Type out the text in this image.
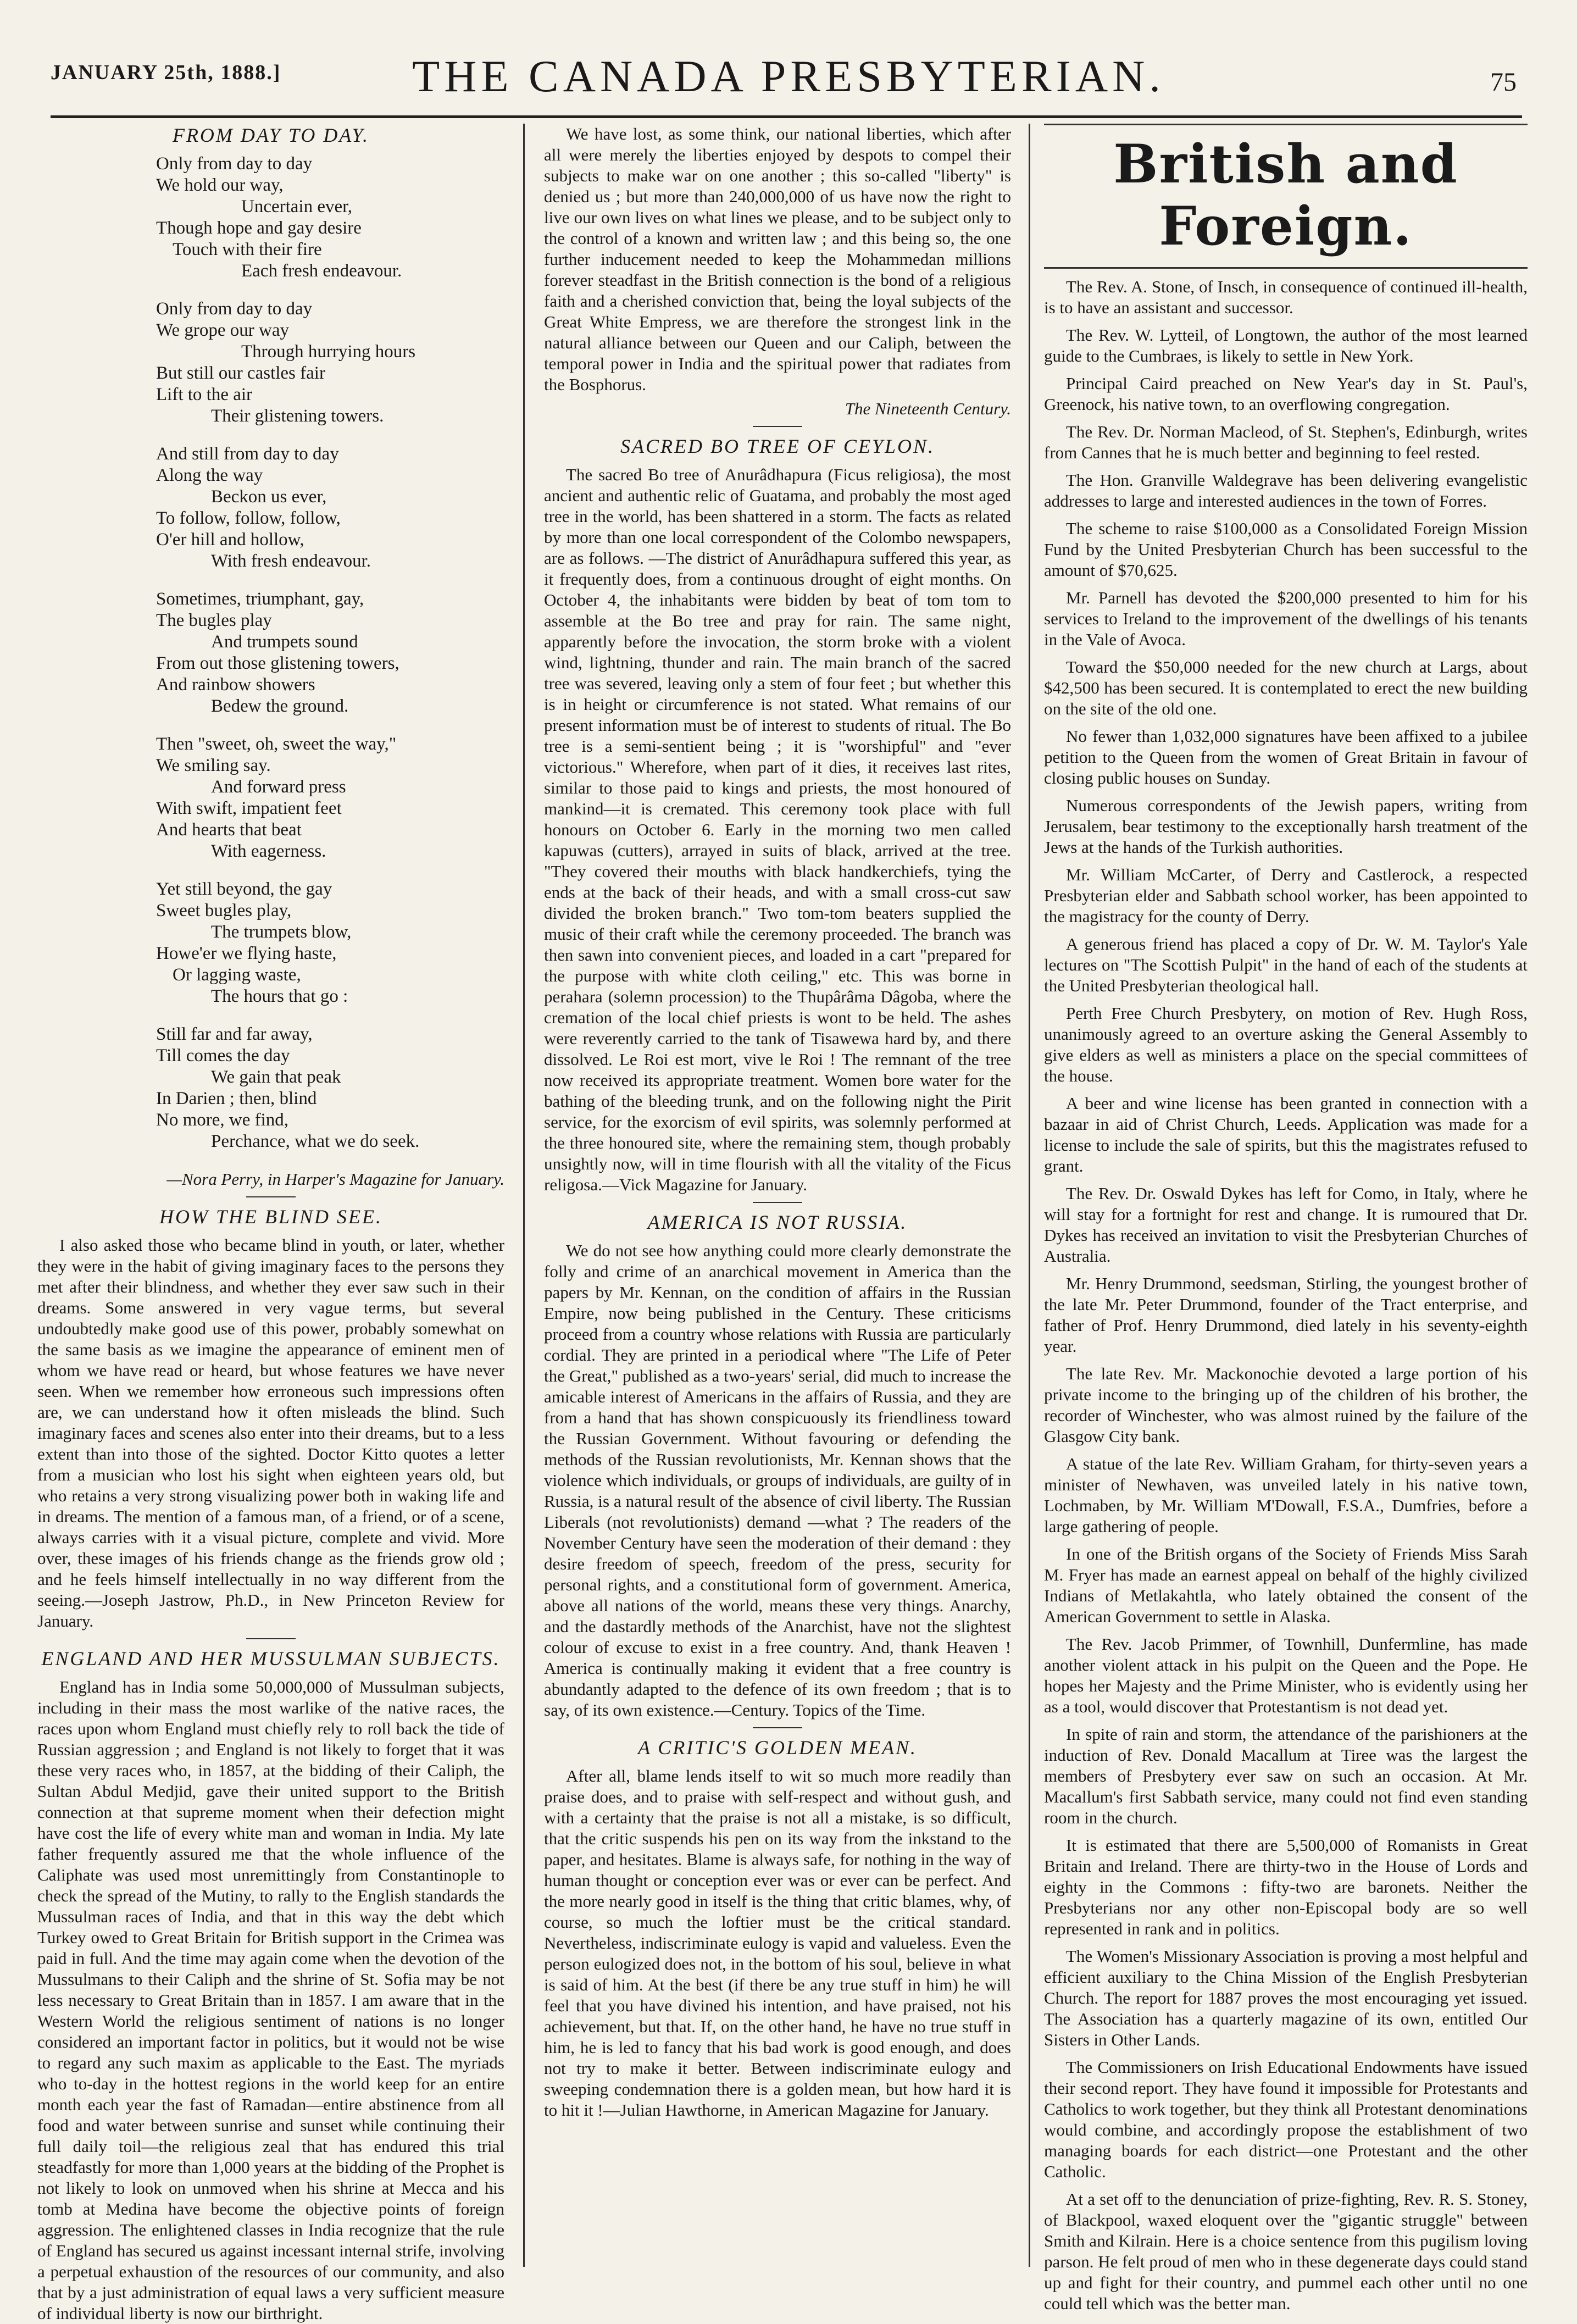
JANUARY 25th, 1888.]	THE CANADA PRESBYTERIAN.	75
FROM DAY TO DAY.
Only from day to day
We hold our way,
Uncertain ever,
Though hope and gay desire
Touch with their fire
Each fresh endeavour.
Only from day to day
We grope our way
Through hurrying hours
But still our castles fair
Lift to the air
Their glistening towers.
And still from day to day
Along the way
Beckon us ever,
To follow, follow, follow,
O'er hill and hollow,
With fresh endeavour.
Sometimes, triumphant, gay,
The bugles play
And trumpets sound
From out those glistening towers,
And rainbow showers
Bedew the ground.
Then "sweet, oh, sweet the way,"
We smiling say.
And forward press
With swift, impatient feet
And hearts that beat
With eagerness.
Yet still beyond, the gay
Sweet bugles play,
The trumpets blow,
Howe'er we flying haste,
Or lagging waste,
The hours that go :
Still far and far away,
Till comes the day
We gain that peak
In Darien ; then, blind
No more, we find,
Perchance, what we do seek.
—Nora Perry, in Harper's Magazine for January.
HOW THE BLIND SEE.

I also asked those who became blind in youth, or later, whether they were in the habit of giving imaginary faces to the persons they met after their blindness, and whether they ever saw such in their dreams. Some answered in very vague terms, but several undoubtedly make good use of this power, probably somewhat on the same basis as we imagine the appearance of eminent men of whom we have read or heard, but whose features we have never seen. When we remember how erroneous such impressions often are, we can understand how it often misleads the blind. Such imaginary faces and scenes also enter into their dreams, but to a less extent than into those of the sighted. Doctor Kitto quotes a letter from a musician who lost his sight when eighteen years old, but who retains a very strong visualizing power both in waking life and in dreams. The mention of a famous man, of a friend, or of a scene, always carries with it a visual picture, complete and vivid. More over, these images of his friends change as the friends grow old ; and he feels himself intellectually in no way different from the seeing.—Joseph Jastrow, Ph.D., in New Princeton Review for January.

ENGLAND AND HER MUSSULMAN SUBJECTS.

England has in India some 50,000,000 of Mussulman subjects, including in their mass the most warlike of the native races, the races upon whom England must chiefly rely to roll back the tide of Russian aggression ; and England is not likely to forget that it was these very races who, in 1857, at the bidding of their Caliph, the Sultan Abdul Medjid, gave their united support to the British connection at that supreme moment when their defection might have cost the life of every white man and woman in India. My late father frequently assured me that the whole influence of the Caliphate was used most unremittingly from Constantinople to check the spread of the Mutiny, to rally to the English standards the Mussulman races of India, and that in this way the debt which Turkey owed to Great Britain for British support in the Crimea was paid in full. And the time may again come when the devotion of the Mussulmans to their Caliph and the shrine of St. Sofia may be not less necessary to Great Britain than in 1857. I am aware that in the Western World the religious sentiment of nations is no longer considered an important factor in politics, but it would not be wise to regard any such maxim as applicable to the East. The myriads who to-day in the hottest regions in the world keep for an entire month each year the fast of Ramadan—entire abstinence from all food and water between sunrise and sunset while continuing their full daily toil—the religious zeal that has endured this trial steadfastly for more than 1,000 years at the bidding of the Prophet is not likely to look on unmoved when his shrine at Mecca and his tomb at Medina have become the objective points of foreign aggression. The enlightened classes in India recognize that the rule of England has secured us against incessant internal strife, involving a perpetual exhaustion of the resources of our community, and also that by a just administration of equal laws a very sufficient measure of individual liberty is now our birthright.

We have lost, as some think, our national liberties, which after all were merely the liberties enjoyed by despots to compel their subjects to make war on one another ; this so-called "liberty" is denied us ; but more than 240,000,000 of us have now the right to live our own lives on what lines we please, and to be subject only to the control of a known and written law ; and this being so, the one further inducement needed to keep the Mohammedan millions forever steadfast in the British connection is the bond of a religious faith and a cherished conviction that, being the loyal subjects of the Great White Empress, we are therefore the strongest link in the natural alliance between our Queen and our Caliph, between the temporal power in India and the spiritual power that radiates from the Bosphorus.

The Nineteenth Century.
SACRED BO TREE OF CEYLON.

The sacred Bo tree of Anurâdhapura (Ficus religiosa), the most ancient and authentic relic of Guatama, and probably the most aged tree in the world, has been shattered in a storm. The facts as related by more than one local correspondent of the Colombo newspapers, are as follows. —The district of Anurâdhapura suffered this year, as it frequently does, from a continuous drought of eight months. On October 4, the inhabitants were bidden by beat of tom tom to assemble at the Bo tree and pray for rain. The same night, apparently before the invocation, the storm broke with a violent wind, lightning, thunder and rain. The main branch of the sacred tree was severed, leaving only a stem of four feet ; but whether this is in height or circumference is not stated. What remains of our present information must be of interest to students of ritual. The Bo tree is a semi-sentient being ; it is "worshipful" and "ever victorious." Wherefore, when part of it dies, it receives last rites, similar to those paid to kings and priests, the most honoured of mankind—it is cremated. This ceremony took place with full honours on October 6. Early in the morning two men called kapuwas (cutters), arrayed in suits of black, arrived at the tree. "They covered their mouths with black handkerchiefs, tying the ends at the back of their heads, and with a small cross-cut saw divided the broken branch." Two tom-tom beaters supplied the music of their craft while the ceremony proceeded. The branch was then sawn into convenient pieces, and loaded in a cart "prepared for the purpose with white cloth ceiling," etc. This was borne in perahara (solemn procession) to the Thupârâma Dâgoba, where the cremation of the local chief priests is wont to be held. The ashes were reverently carried to the tank of Tisawewa hard by, and there dissolved. Le Roi est mort, vive le Roi ! The remnant of the tree now received its appropriate treatment. Women bore water for the bathing of the bleeding trunk, and on the following night the Pirit service, for the exorcism of evil spirits, was solemnly performed at the three honoured site, where the remaining stem, though probably unsightly now, will in time flourish with all the vitality of the Ficus religosa.—Vick Magazine for January.

AMERICA IS NOT RUSSIA.

We do not see how anything could more clearly demonstrate the folly and crime of an anarchical movement in America than the papers by Mr. Kennan, on the condition of affairs in the Russian Empire, now being published in the Century. These criticisms proceed from a country whose relations with Russia are particularly cordial. They are printed in a periodical where "The Life of Peter the Great," published as a two-years' serial, did much to increase the amicable interest of Americans in the affairs of Russia, and they are from a hand that has shown conspicuously its friendliness toward the Russian Government. Without favouring or defending the methods of the Russian revolutionists, Mr. Kennan shows that the violence which individuals, or groups of individuals, are guilty of in Russia, is a natural result of the absence of civil liberty. The Russian Liberals (not revolutionists) demand —what ? The readers of the November Century have seen the moderation of their demand : they desire freedom of speech, freedom of the press, security for personal rights, and a constitutional form of government. America, above all nations of the world, means these very things. Anarchy, and the dastardly methods of the Anarchist, have not the slightest colour of excuse to exist in a free country. And, thank Heaven ! America is continually making it evident that a free country is abundantly adapted to the defence of its own freedom ; that is to say, of its own existence.—Century. Topics of the Time.

A CRITIC'S GOLDEN MEAN.

After all, blame lends itself to wit so much more readily than praise does, and to praise with self-respect and without gush, and with a certainty that the praise is not all a mistake, is so difficult, that the critic suspends his pen on its way from the inkstand to the paper, and hesitates. Blame is always safe, for nothing in the way of human thought or conception ever was or ever can be perfect. And the more nearly good in itself is the thing that critic blames, why, of course, so much the loftier must be the critical standard. Nevertheless, indiscriminate eulogy is vapid and valueless. Even the person eulogized does not, in the bottom of his soul, believe in what is said of him. At the best (if there be any true stuff in him) he will feel that you have divined his intention, and have praised, not his achievement, but that. If, on the other hand, he have no true stuff in him, he is led to fancy that his bad work is good enough, and does not try to make it better. Between indiscriminate eulogy and sweeping condemnation there is a golden mean, but how hard it is to hit it !—Julian Hawthorne, in American Magazine for January.

British and Foreign.

The Rev. A. Stone, of Insch, in consequence of continued ill-health, is to have an assistant and successor.

The Rev. W. Lytteil, of Longtown, the author of the most learned guide to the Cumbraes, is likely to settle in New York.

Principal Caird preached on New Year's day in St. Paul's, Greenock, his native town, to an overflowing congregation.

The Rev. Dr. Norman Macleod, of St. Stephen's, Edinburgh, writes from Cannes that he is much better and beginning to feel rested.

The Hon. Granville Waldegrave has been delivering evangelistic addresses to large and interested audiences in the town of Forres.

The scheme to raise $100,000 as a Consolidated Foreign Mission Fund by the United Presbyterian Church has been successful to the amount of $70,625.

Mr. Parnell has devoted the $200,000 presented to him for his services to Ireland to the improvement of the dwellings of his tenants in the Vale of Avoca.

Toward the $50,000 needed for the new church at Largs, about $42,500 has been secured. It is contemplated to erect the new building on the site of the old one.

No fewer than 1,032,000 signatures have been affixed to a jubilee petition to the Queen from the women of Great Britain in favour of closing public houses on Sunday.

Numerous correspondents of the Jewish papers, writing from Jerusalem, bear testimony to the exceptionally harsh treatment of the Jews at the hands of the Turkish authorities.

Mr. William McCarter, of Derry and Castlerock, a respected Presbyterian elder and Sabbath school worker, has been appointed to the magistracy for the county of Derry.

A generous friend has placed a copy of Dr. W. M. Taylor's Yale lectures on "The Scottish Pulpit" in the hand of each of the students at the United Presbyterian theological hall.

Perth Free Church Presbytery, on motion of Rev. Hugh Ross, unanimously agreed to an overture asking the General Assembly to give elders as well as ministers a place on the special committees of the house.

A beer and wine license has been granted in connection with a bazaar in aid of Christ Church, Leeds. Application was made for a license to include the sale of spirits, but this the magistrates refused to grant.

The Rev. Dr. Oswald Dykes has left for Como, in Italy, where he will stay for a fortnight for rest and change. It is rumoured that Dr. Dykes has received an invitation to visit the Presbyterian Churches of Australia.

Mr. Henry Drummond, seedsman, Stirling, the youngest brother of the late Mr. Peter Drummond, founder of the Tract enterprise, and father of Prof. Henry Drummond, died lately in his seventy-eighth year.

The late Rev. Mr. Mackonochie devoted a large portion of his private income to the bringing up of the children of his brother, the recorder of Winchester, who was almost ruined by the failure of the Glasgow City bank.

A statue of the late Rev. William Graham, for thirty-seven years a minister of Newhaven, was unveiled lately in his native town, Lochmaben, by Mr. William M'Dowall, F.S.A., Dumfries, before a large gathering of people.

In one of the British organs of the Society of Friends Miss Sarah M. Fryer has made an earnest appeal on behalf of the highly civilized Indians of Metlakahtla, who lately obtained the consent of the American Government to settle in Alaska.

The Rev. Jacob Primmer, of Townhill, Dunfermline, has made another violent attack in his pulpit on the Queen and the Pope. He hopes her Majesty and the Prime Minister, who is evidently using her as a tool, would discover that Protestantism is not dead yet.

In spite of rain and storm, the attendance of the parishioners at the induction of Rev. Donald Macallum at Tiree was the largest the members of Presbytery ever saw on such an occasion. At Mr. Macallum's first Sabbath service, many could not find even standing room in the church.

It is estimated that there are 5,500,000 of Romanists in Great Britain and Ireland. There are thirty-two in the House of Lords and eighty in the Commons : fifty-two are baronets. Neither the Presbyterians nor any other non-Episcopal body are so well represented in rank and in politics.

The Women's Missionary Association is proving a most helpful and efficient auxiliary to the China Mission of the English Presbyterian Church. The report for 1887 proves the most encouraging yet issued. The Association has a quarterly magazine of its own, entitled Our Sisters in Other Lands.

The Commissioners on Irish Educational Endowments have issued their second report. They have found it impossible for Protestants and Catholics to work together, but they think all Protestant denominations would combine, and accordingly propose the establishment of two managing boards for each district—one Protestant and the other Catholic.

At a set off to the denunciation of prize-fighting, Rev. R. S. Stoney, of Blackpool, waxed eloquent over the "gigantic struggle" between Smith and Kilrain. Here is a choice sentence from this pugilism loving parson. He felt proud of men who in these degenerate days could stand up and fight for their country, and pummel each other until no one could tell which was the better man.
